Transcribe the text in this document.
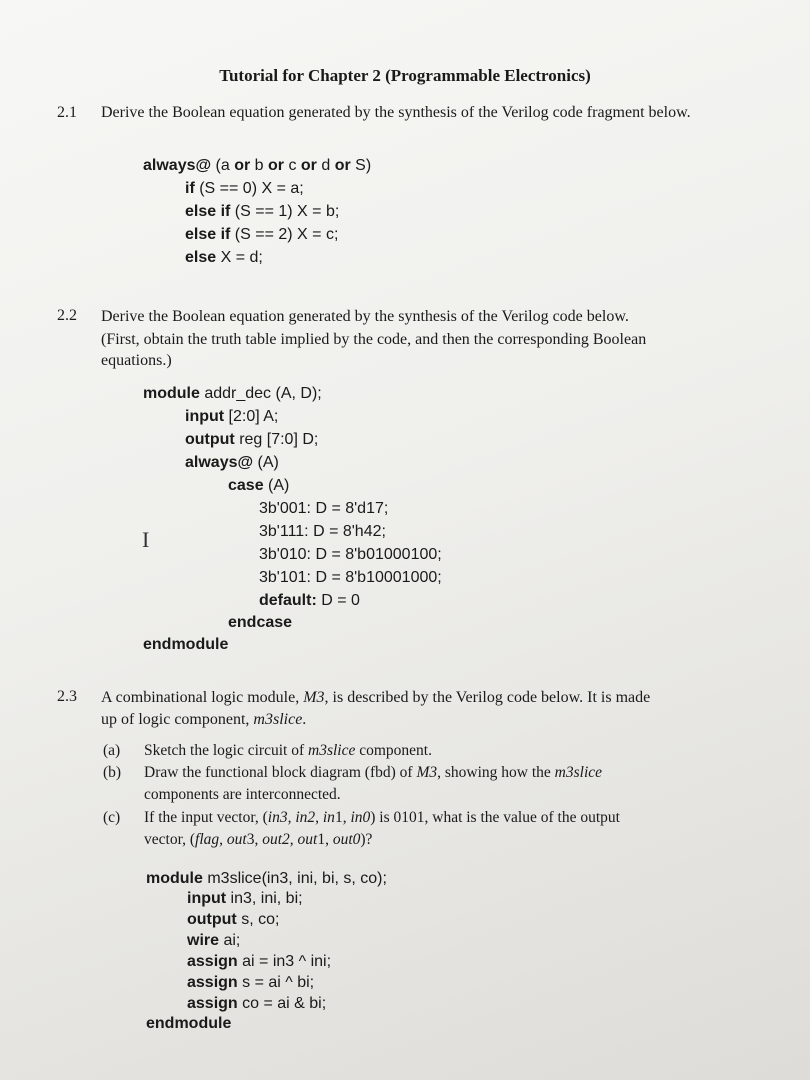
Tutorial for Chapter 2 (Programmable Electronics)
2.1 Derive the Boolean equation generated by the synthesis of the Verilog code fragment below.
always@ (a or b or c or d or S)
if (S == 0) X = a;
else if (S == 1) X = b;
else if (S == 2) X = c;
else X = d;
2.2 Derive the Boolean equation generated by the synthesis of the Verilog code below.
(First, obtain the truth table implied by the code, and then the corresponding Boolean
equations.)
module addr_dec (A, D);
input [2:0] A;
output reg [7:0] D;
always@ (A)
case (A)
3b'001: D = 8'd17;
3b'111: D = 8'h42;
3b'010: D = 8'b01000100;
3b'101: D = 8'b10001000;
default: D = 0
endcase
endmodule
I
2.3 A combinational logic module, M3, is described by the Verilog code below. It is made
up of logic component, m3slice.
(a) Sketch the logic circuit of m3slice component.
(b) Draw the functional block diagram (fbd) of M3, showing how the m3slice
components are interconnected.
(c) If the input vector, (in3, in2, in1, in0) is 0101, what is the value of the output
vector, (flag, out3, out2, out1, out0)?
module m3slice(in3, ini, bi, s, co);
input in3, ini, bi;
output s, co;
wire ai;
assign ai = in3 ^ ini;
assign s = ai ^ bi;
assign co = ai & bi;
endmodule
